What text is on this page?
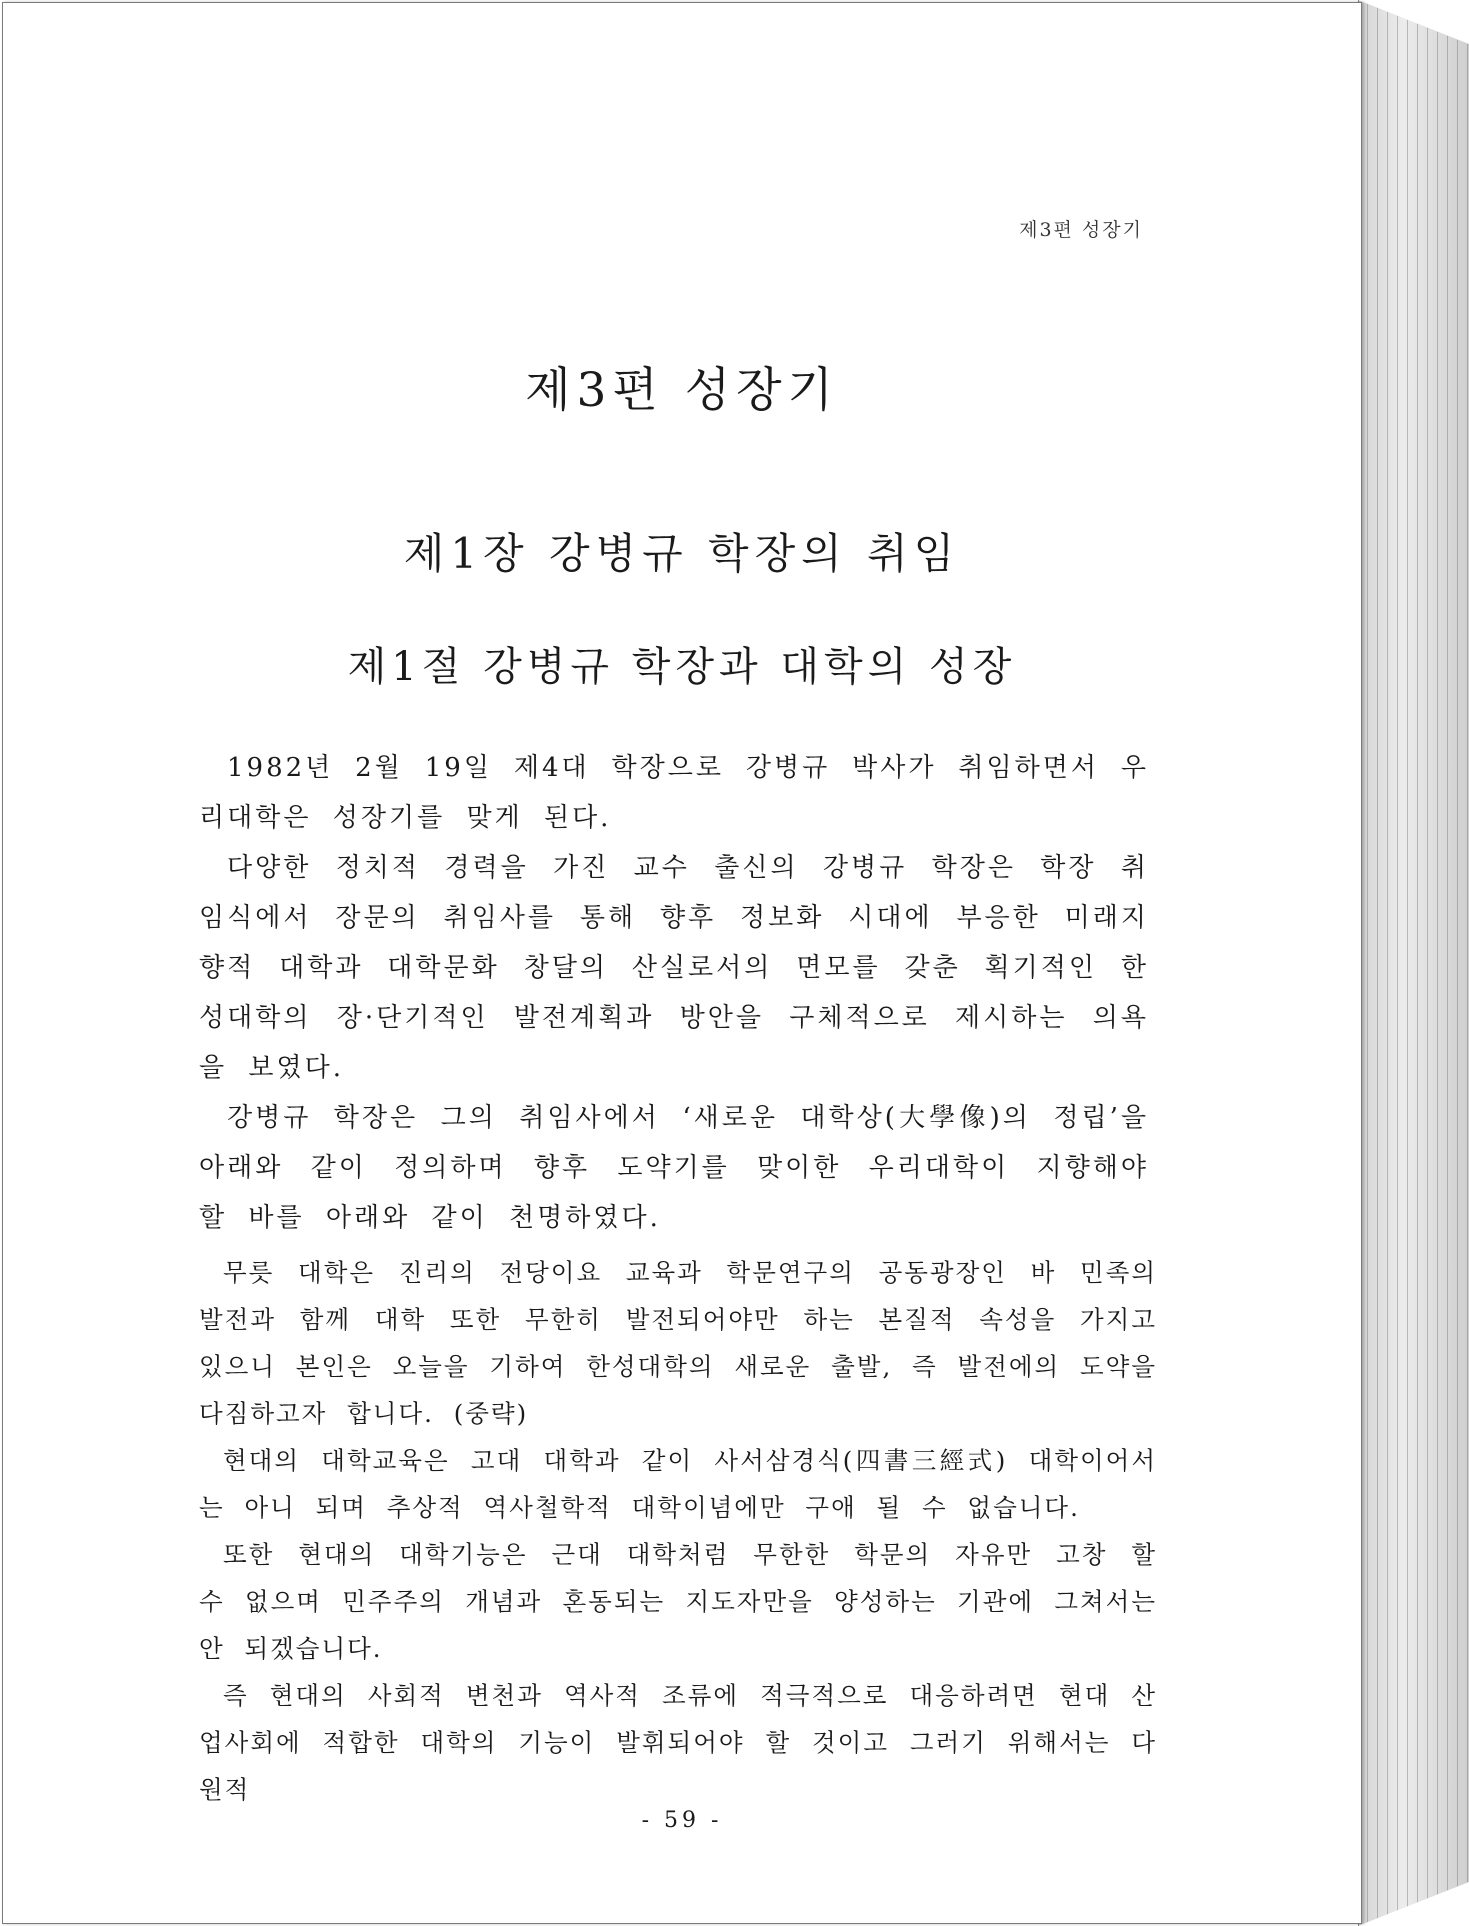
제3편 성장기
제3편 성장기
제1장 강병규 학장의 취임
제1절 강병규 학장과 대학의 성장

1982년 2월 19일 제4대 학장으로 강병규 박사가 취임하면서 우리대학은 성장기를 맞게 된다.

다양한 정치적 경력을 가진 교수 출신의 강병규 학장은 학장 취임식에서 장문의 취임사를 통해 향후 정보화 시대에 부응한 미래지향적 대학과 대학문화 창달의 산실로서의 면모를 갖춘 획기적인 한성대학의 장·단기적인 발전계획과 방안을 구체적으로 제시하는 의욕을 보였다.

강병규 학장은 그의 취임사에서 ‘새로운 대학상(大學像)의 정립’을 아래와 같이 정의하며 향후 도약기를 맞이한 우리대학이 지향해야 할 바를 아래와 같이 천명하였다.

무릇 대학은 진리의 전당이요 교육과 학문연구의 공동광장인 바 민족의 발전과 함께 대학 또한 무한히 발전되어야만 하는 본질적 속성을 가지고 있으니 본인은 오늘을 기하여 한성대학의 새로운 출발, 즉 발전에의 도약을 다짐하고자 합니다. (중략)

현대의 대학교육은 고대 대학과 같이 사서삼경식(四書三經式) 대학이어서는 아니 되며 추상적 역사철학적 대학이념에만 구애 될 수 없습니다.

또한 현대의 대학기능은 근대 대학처럼 무한한 학문의 자유만 고창 할 수 없으며 민주주의 개념과 혼동되는 지도자만을 양성하는 기관에 그쳐서는 안 되겠습니다.

즉 현대의 사회적 변천과 역사적 조류에 적극적으로 대응하려면 현대 산업사회에 적합한 대학의 기능이 발휘되어야 할 것이고 그러기 위해서는 다원적

- 59 -
